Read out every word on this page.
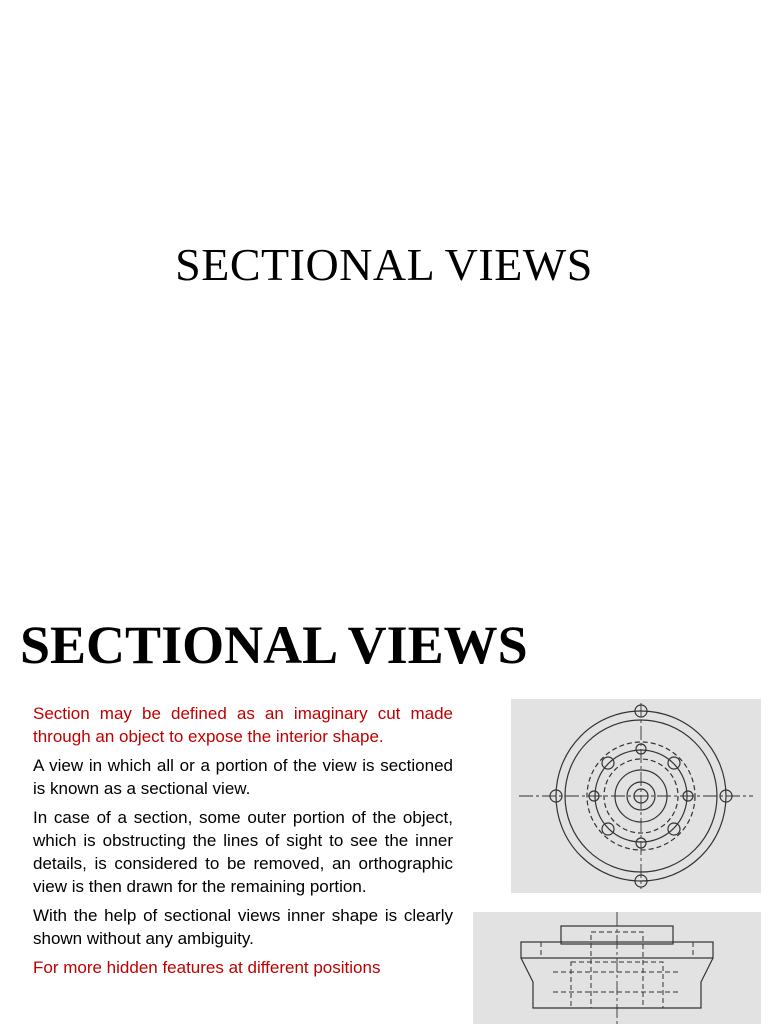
SECTIONAL VIEWS
SECTIONAL VIEWS

Section may be defined as an imaginary cut made through an object to expose the interior shape.

A view in which all or a portion of the view is sectioned is known as a sectional view.

In case of a section, some outer portion of the object, which is obstructing the lines of sight to see the inner details, is considered to be removed, an orthographic view is then drawn for the remaining portion.

With the help of sectional views inner shape is clearly shown without any ambiguity.

For more hidden features at different positions
